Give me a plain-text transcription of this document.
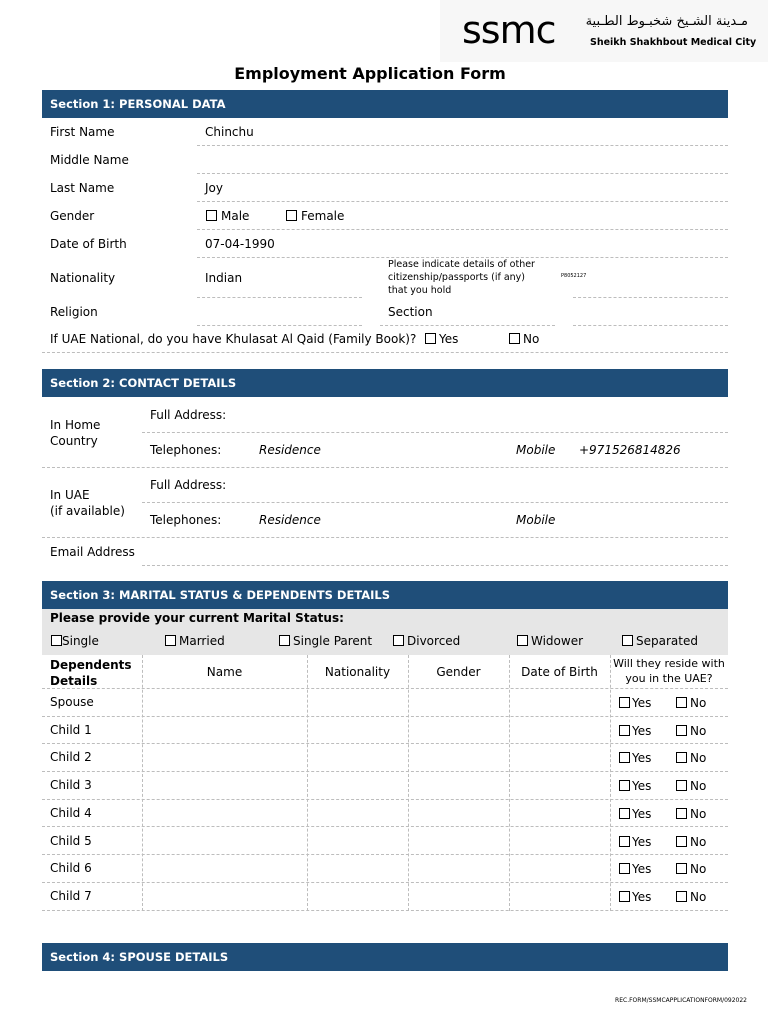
ssmc مـدينة الشـيخ شخبـوط الطـبية
Sheikh Shakhbout Medical City
Employment Application Form
Section 1: PERSONAL DATA
First Name	Chinchu
Middle Name
Last Name	Joy
Gender	Male	Female
Date of Birth	07-04-1990
Nationality	Indian
Please indicate details of other
citizenship/passports (if any)
that you hold
P8052127
Religion	Section
If UAE National, do you have Khulasat Al Qaid (Family Book)? Yes	No
Section 2: CONTACT DETAILS
In Home
Country
Full Address:
Telephones:	Residence	Mobile +971526814826
In UAE
(if available)
Full Address:
Telephones:	Residence	Mobile
Email Address
Section 3: MARITAL STATUS & DEPENDENTS DETAILS
Please provide your current Marital Status:
Single	Married	Single Parent	Divorced	Widower	Separated
Dependents
Details
Name	Nationality	Gender	Date of Birth
Will they reside with
you in the UAE?
Spouse	Yes	No
Child 1	Yes	No
Child 2	Yes	No
Child 3	Yes	No
Child 4	Yes	No
Child 5	Yes	No
Child 6	Yes	No
Child 7	Yes	No
Section 4: SPOUSE DETAILS
REC.FORM/SSMCAPPLICATIONFORM/092022
